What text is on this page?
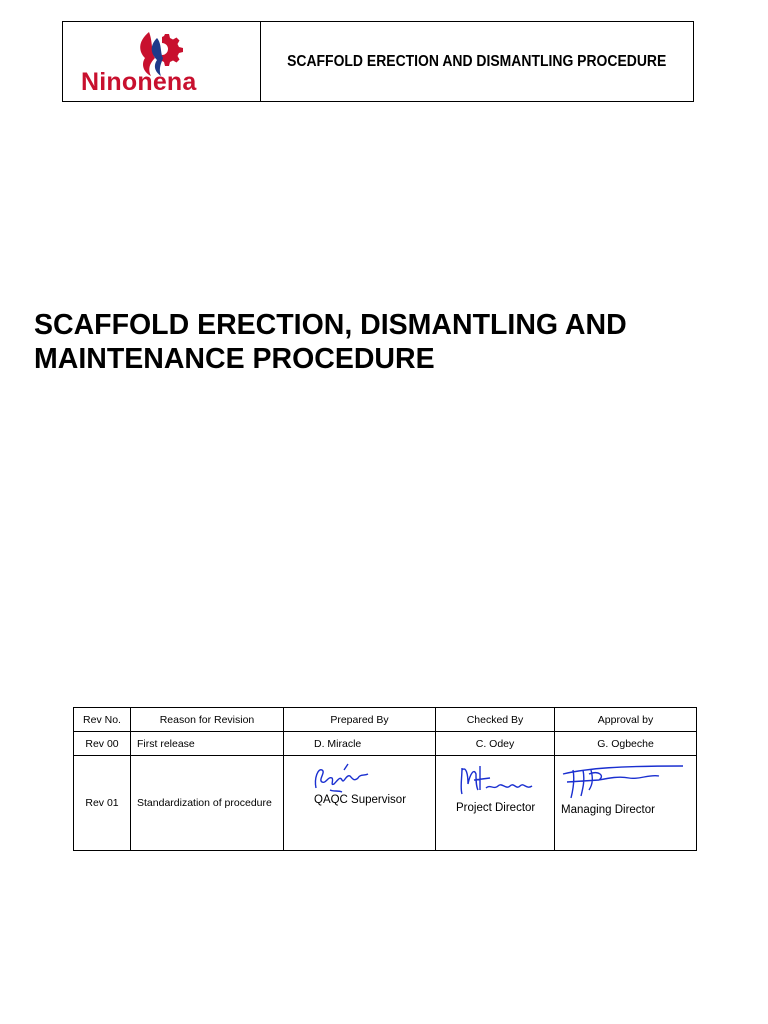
Ninonena
SCAFFOLD ERECTION AND DISMANTLING PROCEDURE
SCAFFOLD ERECTION, DISMANTLING AND
MAINTENANCE PROCEDURE
Rev No.	Reason for Revision	Prepared By	Checked By	Approval by
Rev 00	First release	D. Miracle	C. Odey	G. Ogbeche
Rev 01	Standardization of procedure	QAQC Supervisor	Project Director	Managing Director
